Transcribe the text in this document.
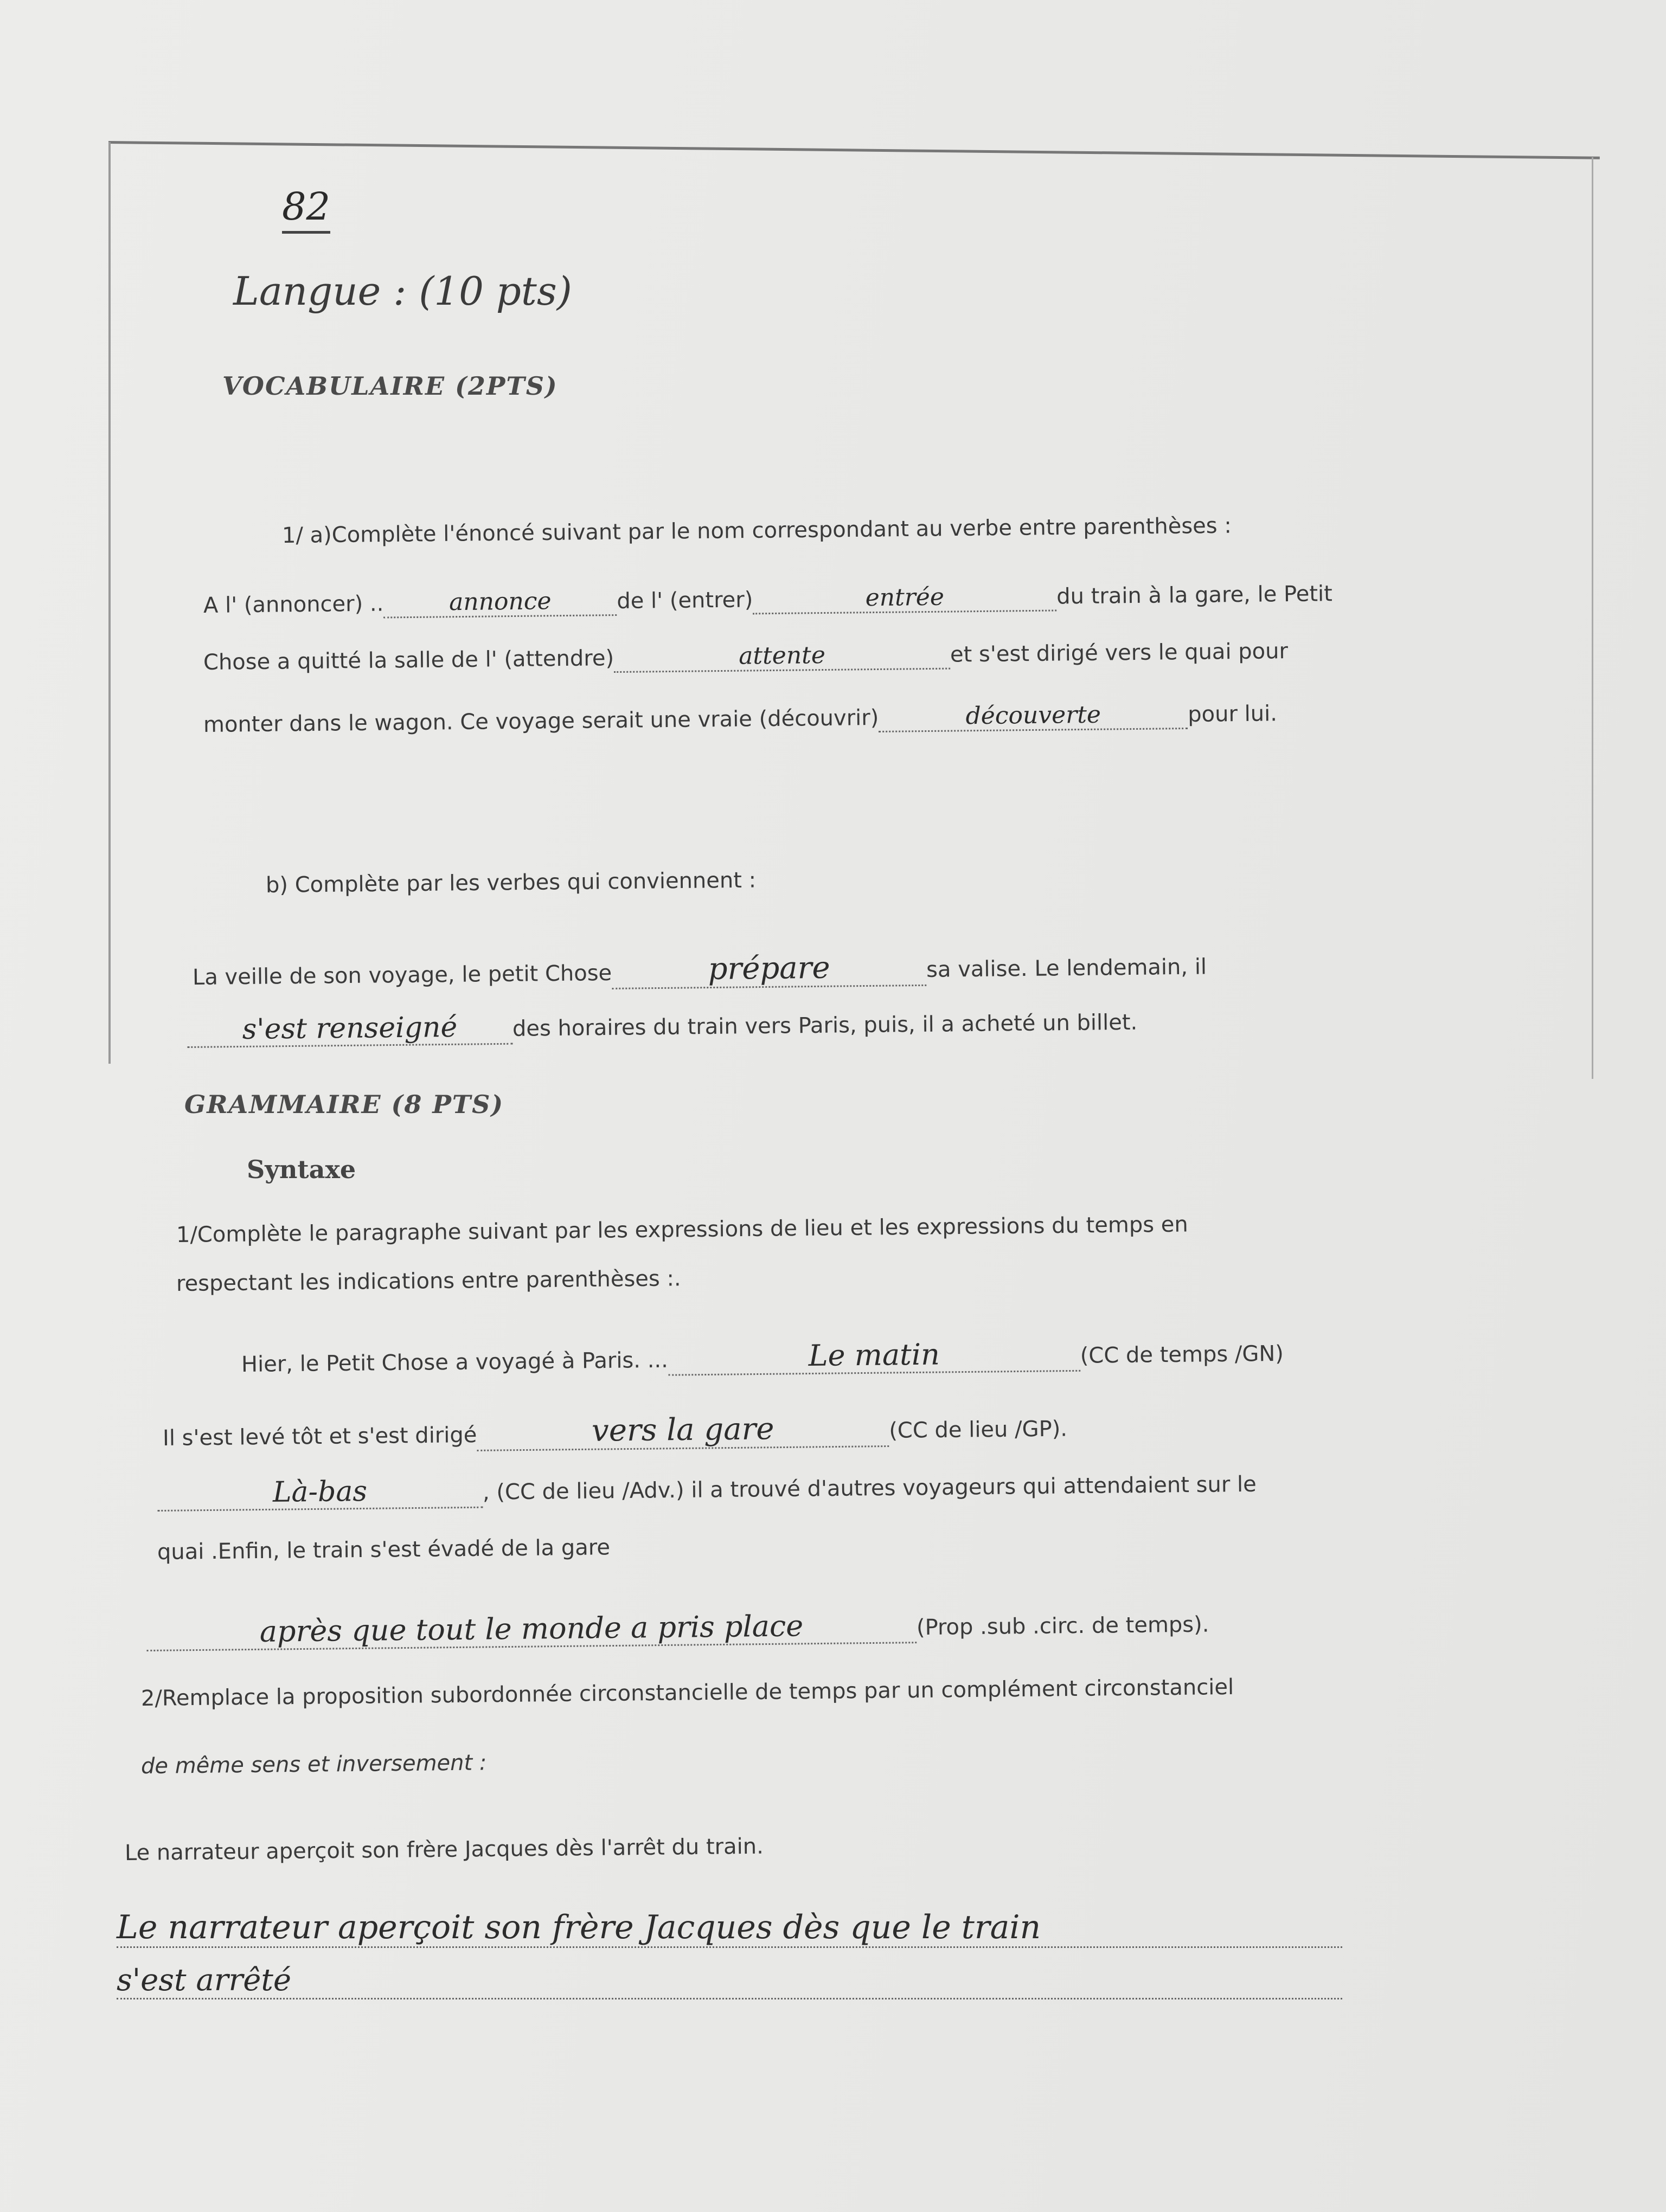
82
Langue : (10 pts)
VOCABULAIRE (2PTS)
1/ a)Complète l'énoncé suivant par le nom correspondant au verbe entre parenthèses :
A l' (annoncer) ..	annonce	de l' (entrer)	entrée	du train à la gare, le Petit
Chose a quitté la salle de l' (attendre)	attente	et s'est dirigé vers le quai pour
monter dans le wagon. Ce voyage serait une vraie (découvrir)	découverte	pour lui.
b) Complète par les verbes qui conviennent :
La veille de son voyage, le petit Chose	prépare	sa valise. Le lendemain, il
s'est renseigné	des horaires du train vers Paris, puis, il a acheté un billet.
GRAMMAIRE (8 PTS)
Syntaxe
1/Complète le paragraphe suivant par les expressions de lieu et les expressions du temps en
respectant les indications entre parenthèses :.
Hier, le Petit Chose a voyagé à Paris. ...	Le matin	(CC de temps /GN)
Il s'est levé tôt et s'est dirigé	vers la gare	(CC de lieu /GP).
Là-bas	, (CC de lieu /Adv.) il a trouvé d'autres voyageurs qui attendaient sur le
quai .Enfin, le train s'est évadé de la gare
après que tout le monde a pris place	(Prop .sub .circ. de temps).
2/Remplace la proposition subordonnée circonstancielle de temps par un complément circonstanciel
de même sens et inversement :
Le narrateur aperçoit son frère Jacques dès l'arrêt du train.
Le narrateur aperçoit son frère Jacques dès que le train
s'est arrêté
